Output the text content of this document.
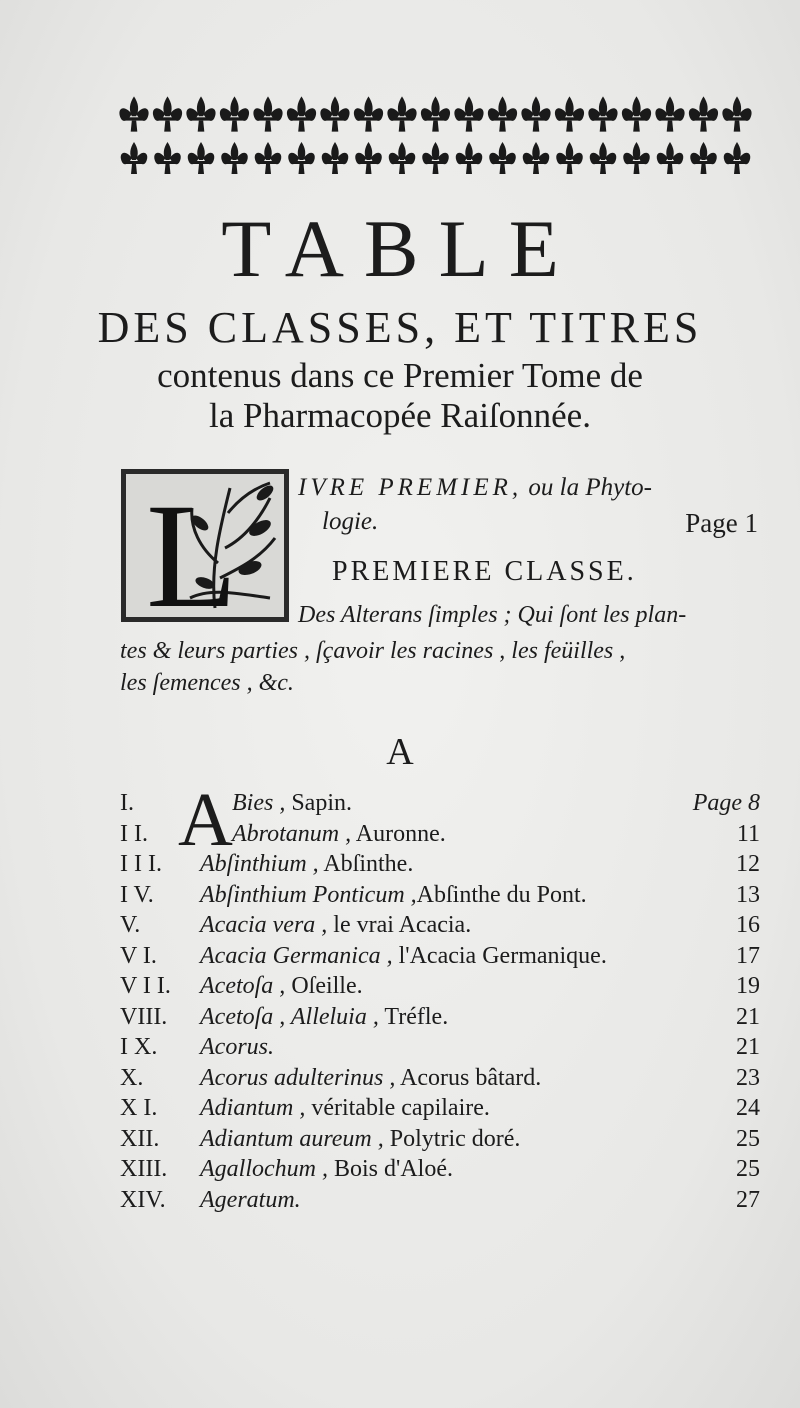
TABLE
DES CLASSES, ET TITRES
contenus dans ce Premier Tome de
la Pharmacopée Raiſonnée.
L IVRE PREMIER, ou la Phyto-
logie.	Page 1
PREMIERE CLASSE.
Des Alterans ſimples ; Qui ſont les plan-
tes & leurs parties , ſçavoir les racines , les feüilles ,
les ſemences , &c.
A
A
I.	Bies , Sapin.	Page 8
I I.	Abrotanum , Auronne.	11
I I I. Abſinthium , Abſinthe.	12
I V. Abſinthium Ponticum ,Abſinthe du Pont.	13
V. Acacia vera , le vrai Acacia.	16
V I. Acacia Germanica , l'Acacia Germanique.	17
V I I. Acetoſa , Oſeille.	19
VIII. Acetoſa , Alleluia , Tréfle.	21
I X. Acorus.	21
X. Acorus adulterinus , Acorus bâtard.	23
X I. Adiantum , véritable capilaire.	24
XII. Adiantum aureum , Polytric doré.	25
XIII. Agallochum , Bois d'Aloé.	25
XIV. Ageratum.	27
